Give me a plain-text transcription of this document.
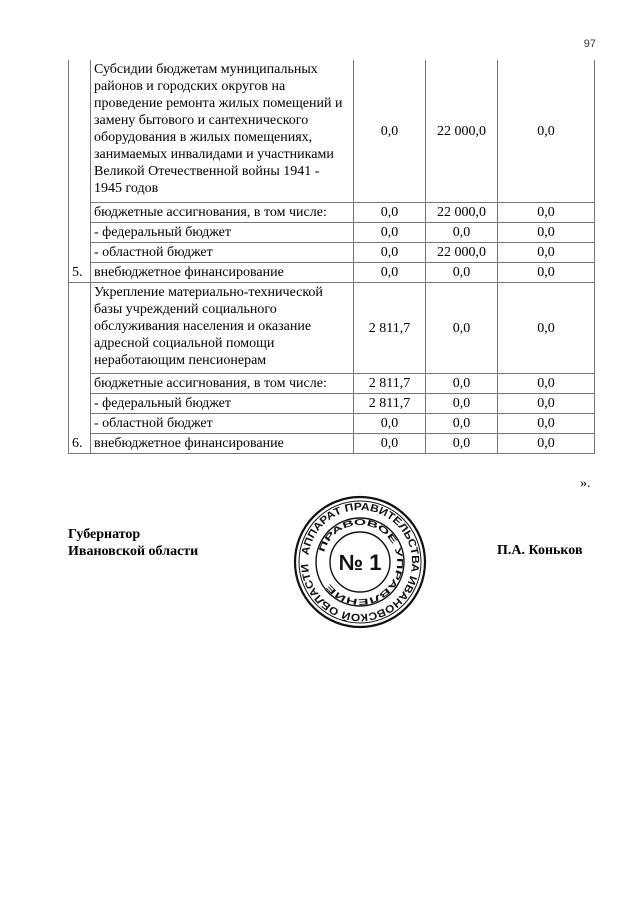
97
5.	Субсидии бюджетам муниципальных районов и городских округов на проведение ремонта жилых помещений и замену бытового и сантехнического оборудования в жилых помещениях, занимаемых инвалидами и участниками Великой Отечественной войны 1941 - 1945 годов	0,0	22 000,0	0,0
	бюджетные ассигнования, в том числе:	0,0	22 000,0	0,0
	- федеральный бюджет	0,0	0,0	0,0
	- областной бюджет	0,0	22 000,0	0,0
	внебюджетное финансирование	0,0	0,0	0,0
6.	Укрепление материально-технической базы учреждений социального обслуживания населения и оказание адресной социальной помощи неработающим пенсионерам	2 811,7	0,0	0,0
	бюджетные ассигнования, в том числе:	2 811,7	0,0	0,0
	- федеральный бюджет	2 811,7	0,0	0,0
	- областной бюджет	0,0	0,0	0,0
	внебюджетное финансирование	0,0	0,0	0,0
».
Губернатор
Ивановской области	АППАРАТ ПРАВИТЕЛЬСТВА ИВАНОВСКОЙ ОБЛАСТИ
ПРАВОВОЕ УПРАВЛЕНИЕ
№ 1	П.А. Коньков
